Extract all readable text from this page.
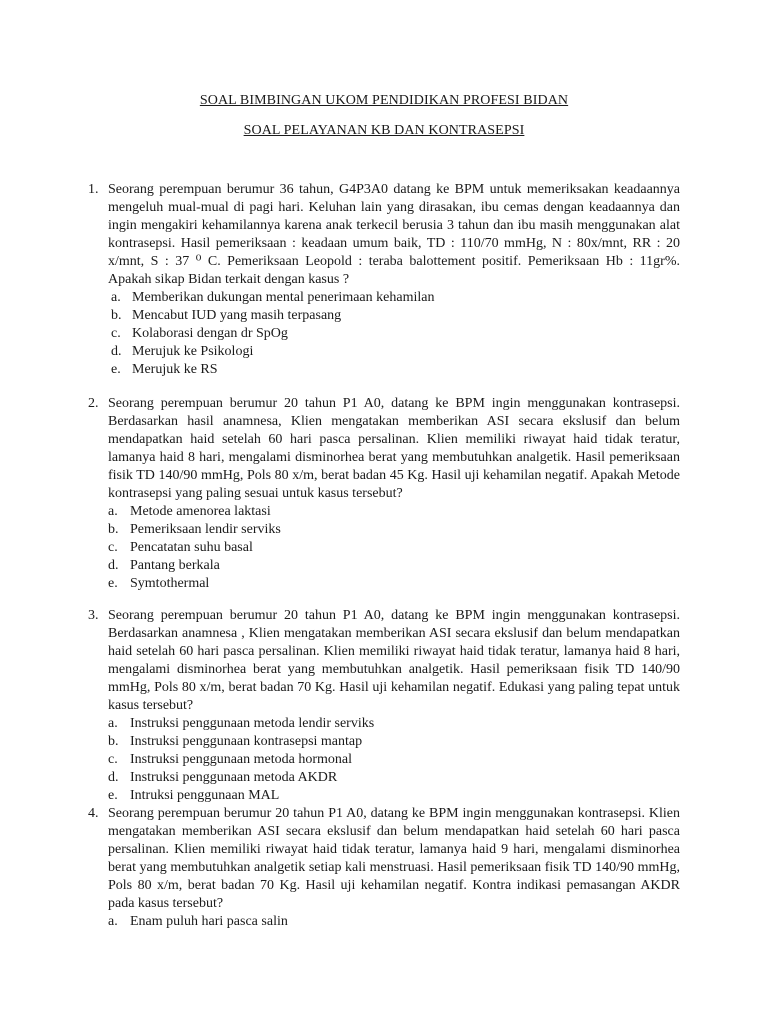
SOAL BIMBINGAN UKOM PENDIDIKAN PROFESI BIDAN
SOAL PELAYANAN KB DAN KONTRASEPSI
1. Seorang perempuan berumur 36 tahun, G4P3A0 datang ke BPM untuk memeriksakan keadaannya mengeluh mual-mual di pagi hari. Keluhan lain yang dirasakan, ibu cemas dengan keadaannya dan ingin mengakiri kehamilannya karena anak terkecil berusia 3 tahun dan ibu masih menggunakan alat kontrasepsi. Hasil pemeriksaan : keadaan umum baik, TD : 110/70 mmHg, N : 80x/mnt, RR : 20 x/mnt, S : 37 ⁰ C. Pemeriksaan Leopold : teraba balottement positif. Pemeriksaan Hb : 11gr%. Apakah sikap Bidan terkait dengan kasus ?
a. Memberikan dukungan mental penerimaan kehamilan
b. Mencabut IUD yang masih terpasang
c. Kolaborasi dengan dr SpOg
d. Merujuk ke Psikologi
e. Merujuk ke RS
2. Seorang perempuan berumur 20 tahun P1 A0, datang ke BPM ingin menggunakan kontrasepsi. Berdasarkan hasil anamnesa, Klien mengatakan memberikan ASI secara ekslusif dan belum mendapatkan haid setelah 60 hari pasca persalinan. Klien memiliki riwayat haid tidak teratur, lamanya haid 8 hari, mengalami disminorhea berat yang membutuhkan analgetik. Hasil pemeriksaan fisik TD 140/90 mmHg, Pols 80 x/m, berat badan 45 Kg. Hasil uji kehamilan negatif. Apakah Metode kontrasepsi yang paling sesuai untuk kasus tersebut?
a. Metode amenorea laktasi
b. Pemeriksaan lendir serviks
c. Pencatatan suhu basal
d. Pantang berkala
e. Symtothermal
3. Seorang perempuan berumur 20 tahun P1 A0, datang ke BPM ingin menggunakan kontrasepsi. Berdasarkan anamnesa , Klien mengatakan memberikan ASI secara ekslusif dan belum mendapatkan haid setelah 60 hari pasca persalinan. Klien memiliki riwayat haid tidak teratur, lamanya haid 8 hari, mengalami disminorhea berat yang membutuhkan analgetik. Hasil pemeriksaan fisik TD 140/90 mmHg, Pols 80 x/m, berat badan 70 Kg. Hasil uji kehamilan negatif. Edukasi yang paling tepat untuk kasus tersebut?
a. Instruksi penggunaan metoda lendir serviks
b. Instruksi penggunaan kontrasepsi mantap
c. Instruksi penggunaan metoda hormonal
d. Instruksi penggunaan metoda AKDR
e. Intruksi penggunaan MAL
4. Seorang perempuan berumur 20 tahun P1 A0, datang ke BPM ingin menggunakan kontrasepsi. Klien mengatakan memberikan ASI secara ekslusif dan belum mendapatkan haid setelah 60 hari pasca persalinan. Klien memiliki riwayat haid tidak teratur, lamanya haid 9 hari, mengalami disminorhea berat yang membutuhkan analgetik setiap kali menstruasi. Hasil pemeriksaan fisik TD 140/90 mmHg, Pols 80 x/m, berat badan 70 Kg. Hasil uji kehamilan negatif. Kontra indikasi pemasangan AKDR pada kasus tersebut?
a. Enam puluh hari pasca salin
